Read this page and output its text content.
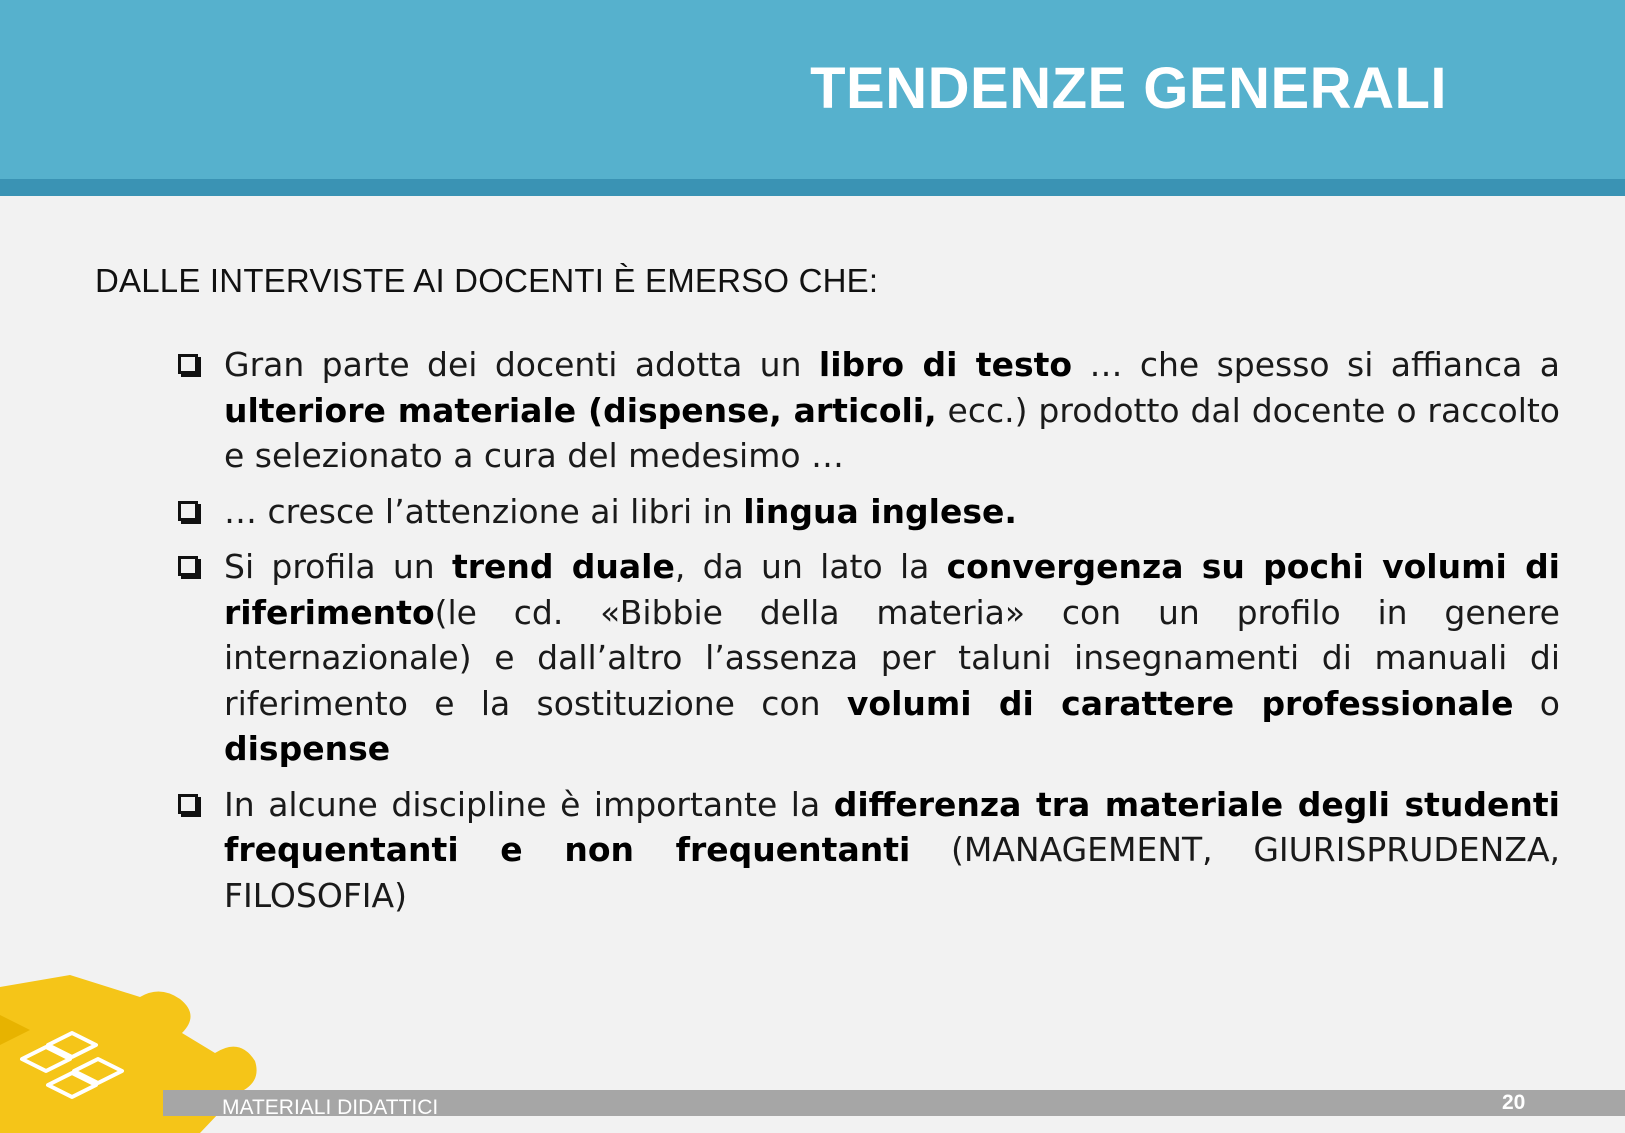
TENDENZE GENERALI
DALLE INTERVISTE AI DOCENTI È EMERSO CHE:
Gran parte dei docenti adotta un libro di testo … che spesso si affianca a ulteriore materiale (dispense, articoli, ecc.) prodotto dal docente o raccolto e selezionato a cura del medesimo …
… cresce l’attenzione ai libri in lingua inglese.
Si profila un trend duale, da un lato la convergenza su pochi volumi di riferimento(le cd. «Bibbie della materia» con un profilo in genere internazionale) e dall’altro l’assenza per taluni insegnamenti di manuali di riferimento e la sostituzione con volumi di carattere professionale o dispense
In alcune discipline è importante la differenza tra materiale degli studenti frequentanti e non frequentanti (MANAGEMENT, GIURISPRUDENZA, FILOSOFIA)
MATERIALI DIDATTICI	20
